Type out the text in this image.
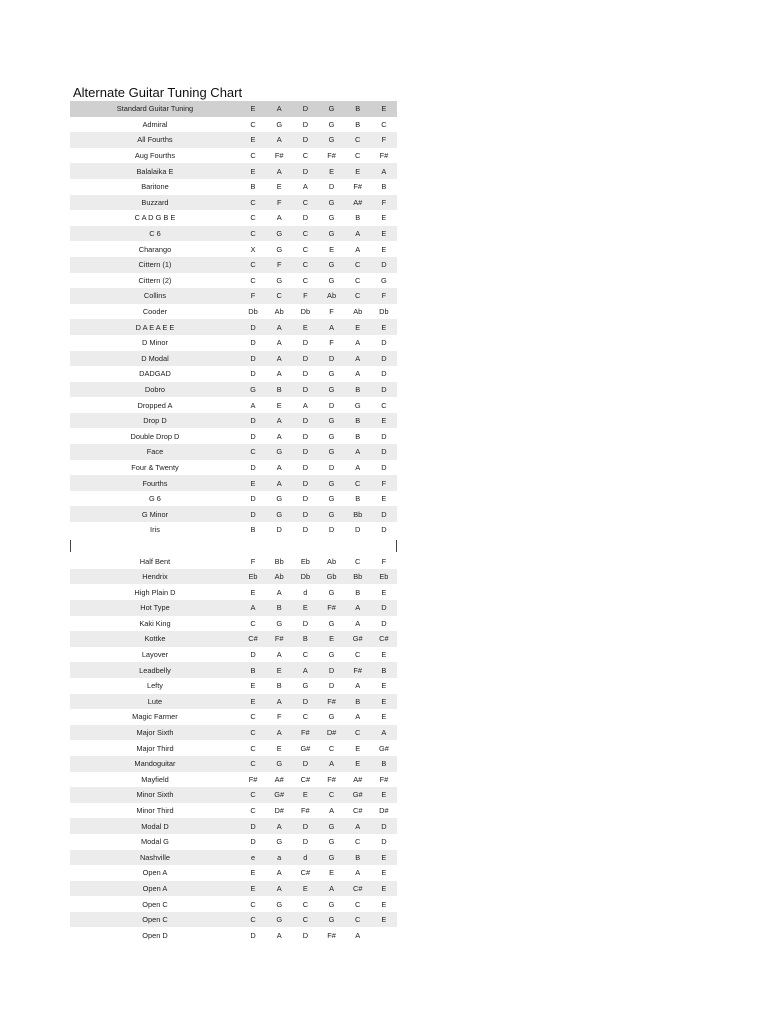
Alternate Guitar Tuning Chart
Standard Guitar Tuning	E	A	D	G	B	E
Admiral	C	G	D	G	B	C
All Fourths	E	A	D	G	C	F
Aug Fourths	C	F#	C	F#	C	F#
Balalaika E	E	A	D	E	E	A
Baritone	B	E	A	D	F#	B
Buzzard	C	F	C	G	A#	F
C A D G B E	C	A	D	G	B	E
C 6	C	G	C	G	A	E
Charango	X	G	C	E	A	E
Cittern (1)	C	F	C	G	C	D
Cittern (2)	C	G	C	G	C	G
Collins	F	C	F	Ab	C	F
Cooder	Db	Ab	Db	F	Ab	Db
D A E A E E	D	A	E	A	E	E
D Minor	D	A	D	F	A	D
D Modal	D	A	D	D	A	D
DADGAD	D	A	D	G	A	D
Dobro	G	B	D	G	B	D
Dropped A	A	E	A	D	G	C
Drop D	D	A	D	G	B	E
Double Drop D	D	A	D	G	B	D
Face	C	G	D	G	A	D
Four & Twenty	D	A	D	D	A	D
Fourths	E	A	D	G	C	F
G 6	D	G	D	G	B	E
G Minor	D	G	D	G	Bb	D
Iris	B	D	D	D	D	D
Half Bent	F	Bb	Eb	Ab	C	F
Hendrix	Eb	Ab	Db	Gb	Bb	Eb
High Plain D	E	A	d	G	B	E
Hot Type	A	B	E	F#	A	D
Kaki King	C	G	D	G	A	D
Kottke	C#	F#	B	E	G#	C#
Layover	D	A	C	G	C	E
Leadbelly	B	E	A	D	F#	B
Lefty	E	B	G	D	A	E
Lute	E	A	D	F#	B	E
Magic Farmer	C	F	C	G	A	E
Major Sixth	C	A	F#	D#	C	A
Major Third	C	E	G#	C	E	G#
Mandoguitar	C	G	D	A	E	B
Mayfield	F#	A#	C#	F#	A#	F#
Minor Sixth	C	G#	E	C	G#	E
Minor Third	C	D#	F#	A	C#	D#
Modal D	D	A	D	G	A	D
Modal G	D	G	D	G	C	D
Nashville	e	a	d	G	B	E
Open A	E	A	C#	E	A	E
Open A	E	A	E	A	C#	E
Open C	C	G	C	G	C	E
Open C	C	G	C	G	C	E
Open D	D	A	D	F#	A
